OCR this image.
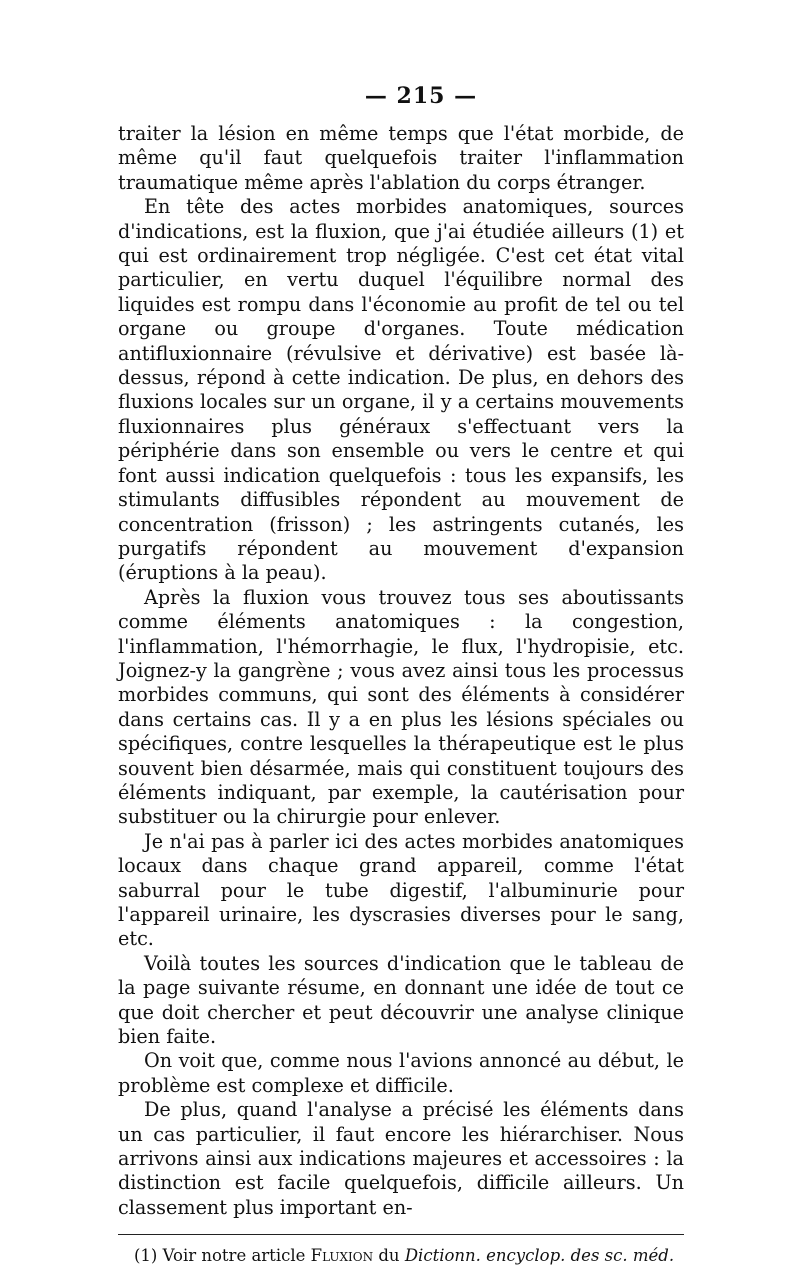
— 215 —

traiter la lésion en même temps que l'état morbide, de même qu'il faut quelquefois traiter l'inflammation traumatique même après l'ablation du corps étranger.

En tête des actes morbides anatomiques, sources d'indications, est la fluxion, que j'ai étudiée ailleurs (1) et qui est ordinairement trop négligée. C'est cet état vital particulier, en vertu duquel l'équilibre normal des liquides est rompu dans l'économie au profit de tel ou tel organe ou groupe d'organes. Toute médication antifluxionnaire (révulsive et dérivative) est basée là-dessus, répond à cette indication. De plus, en dehors des fluxions locales sur un organe, il y a certains mouvements fluxionnaires plus généraux s'effectuant vers la périphérie dans son ensemble ou vers le centre et qui font aussi indication quelquefois : tous les expansifs, les stimulants diffusibles répondent au mouvement de concentration (frisson) ; les astringents cutanés, les purgatifs répondent au mouvement d'expansion (éruptions à la peau).

Après la fluxion vous trouvez tous ses aboutissants comme éléments anatomiques : la congestion, l'inflammation, l'hémorrhagie, le flux, l'hydropisie, etc. Joignez-y la gangrène ; vous avez ainsi tous les processus morbides communs, qui sont des éléments à considérer dans certains cas. Il y a en plus les lésions spéciales ou spécifiques, contre lesquelles la thérapeutique est le plus souvent bien désarmée, mais qui constituent toujours des éléments indiquant, par exemple, la cautérisation pour substituer ou la chirurgie pour enlever.

Je n'ai pas à parler ici des actes morbides anatomiques locaux dans chaque grand appareil, comme l'état saburral pour le tube digestif, l'albuminurie pour l'appareil urinaire, les dyscrasies diverses pour le sang, etc.

Voilà toutes les sources d'indication que le tableau de la page suivante résume, en donnant une idée de tout ce que doit chercher et peut découvrir une analyse clinique bien faite.

On voit que, comme nous l'avions annoncé au début, le problème est complexe et difficile.

De plus, quand l'analyse a précisé les éléments dans un cas particulier, il faut encore les hiérarchiser. Nous arrivons ainsi aux indications majeures et accessoires : la distinction est facile quelquefois, difficile ailleurs. Un classement plus important en-

(1) Voir notre article Fluxion du Dictionn. encyclop. des sc. méd.
